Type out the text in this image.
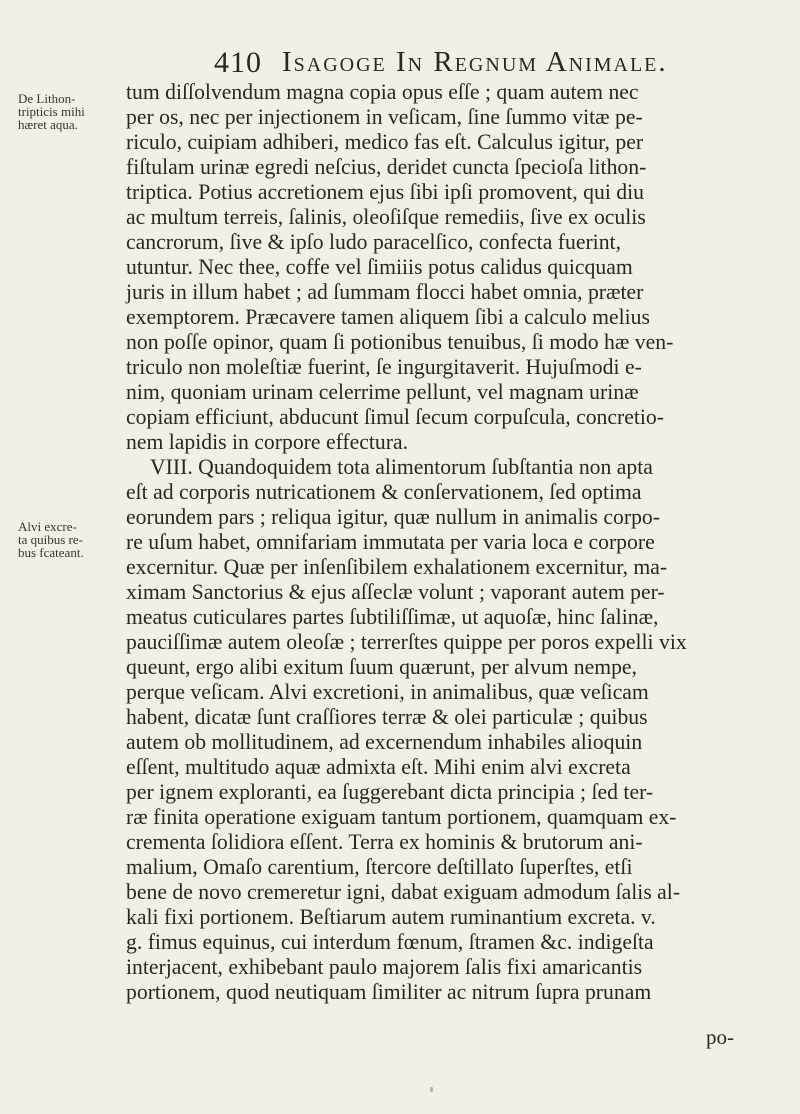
410 Isagoge In Regnum Animale.
De Lithon-
tripticis mihi
hæret aqua.
Alvi excre-
ta quibus re-
bus fcateant.
tum diſſolvendum magna copia opus eſſe ; quam autem nec
per os, nec per injectionem in veſicam, ſine ſummo vitæ pe-
riculo, cuipiam adhiberi, medico fas eſt. Calculus igitur, per
fiſtulam urinæ egredi neſcius, deridet cuncta ſpecioſa lithon-
triptica. Potius accretionem ejus ſibi ipſi promovent, qui diu
ac multum terreis, ſalinis, oleoſiſque remediis, ſive ex oculis
cancrorum, ſive & ipſo ludo paracelſico, confecta fuerint,
utuntur. Nec thee, coffe vel ſimiiis potus calidus quicquam
juris in illum habet ; ad ſummam flocci habet omnia, præter
exemptorem. Præcavere tamen aliquem ſibi a calculo melius
non poſſe opinor, quam ſi potionibus tenuibus, ſi modo hæ ven-
triculo non moleſtiæ fuerint, ſe ingurgitaverit. Hujuſmodi e-
nim, quoniam urinam celerrime pellunt, vel magnam urinæ
copiam efficiunt, abducunt ſimul ſecum corpuſcula, concretio-
nem lapidis in corpore effectura.
VIII. Quandoquidem tota alimentorum ſubſtantia non apta
eſt ad corporis nutricationem & conſervationem, ſed optima
eorundem pars ; reliqua igitur, quæ nullum in animalis corpo-
re uſum habet, omnifariam immutata per varia loca e corpore
excernitur. Quæ per inſenſibilem exhalationem excernitur, ma-
ximam Sanctorius & ejus aſſeclæ volunt ; vaporant autem per-
meatus cuticulares partes ſubtiliſſimæ, ut aquoſæ, hinc ſalinæ,
pauciſſimæ autem oleoſæ ; terrerſtes quippe per poros expelli vix
queunt, ergo alibi exitum ſuum quærunt, per alvum nempe,
perque veſicam. Alvi excretioni, in animalibus, quæ veſicam
habent, dicatæ ſunt craſſiores terræ & olei particulæ ; quibus
autem ob mollitudinem, ad excernendum inhabiles alioquin
eſſent, multitudo aquæ admixta eſt. Mihi enim alvi excreta
per ignem exploranti, ea ſuggerebant dicta principia ; ſed ter-
ræ finita operatione exiguam tantum portionem, quamquam ex-
crementa ſolidiora eſſent. Terra ex hominis & brutorum ani-
malium, Omaſo carentium, ſtercore deſtillato ſuperſtes, etſi
bene de novo cremeretur igni, dabat exiguam admodum ſalis al-
kali fixi portionem. Beſtiarum autem ruminantium excreta. v.
g. fimus equinus, cui interdum fœnum, ſtramen &c. indigeſta
interjacent, exhibebant paulo majorem ſalis fixi amaricantis
portionem, quod neutiquam ſimiliter ac nitrum ſupra prunam
po-
